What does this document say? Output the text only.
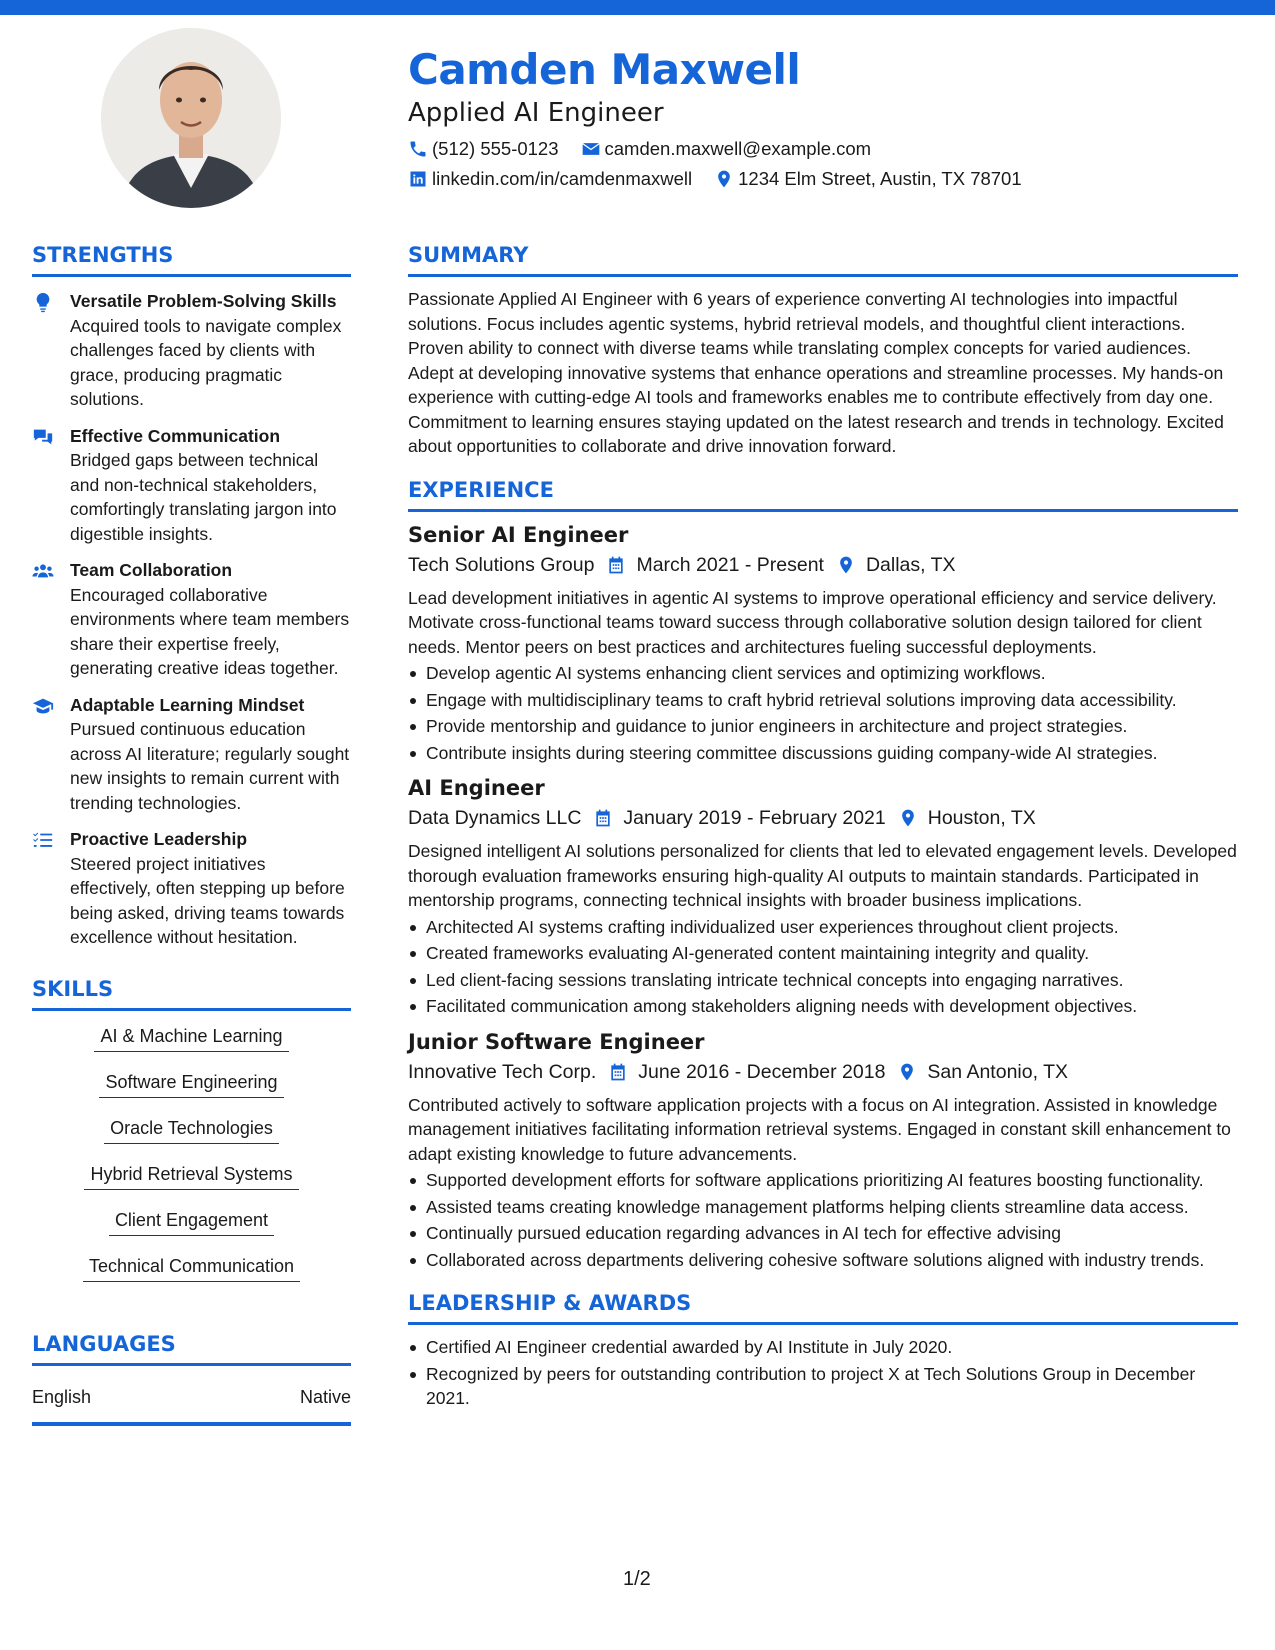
Camden Maxwell
Applied AI Engineer
(512) 555-0123 camden.maxwell@example.com
linkedin.com/in/camdenmaxwell 1234 Elm Street, Austin, TX 78701
STRENGTHS
Versatile Problem-Solving Skills
Acquired tools to navigate complex challenges faced by clients with grace, producing pragmatic solutions.
Effective Communication
Bridged gaps between technical and non-technical stakeholders, comfortingly translating jargon into digestible insights.
Team Collaboration
Encouraged collaborative environments where team members share their expertise freely, generating creative ideas together.
Adaptable Learning Mindset
Pursued continuous education across AI literature; regularly sought new insights to remain current with trending technologies.
Proactive Leadership
Steered project initiatives effectively, often stepping up before being asked, driving teams towards excellence without hesitation.
SKILLS
AI & Machine Learning
Software Engineering
Oracle Technologies
Hybrid Retrieval Systems
Client Engagement
Technical Communication
LANGUAGES
English	Native
SUMMARY
Passionate Applied AI Engineer with 6 years of experience converting AI technologies into impactful solutions. Focus includes agentic systems, hybrid retrieval models, and thoughtful client interactions. Proven ability to connect with diverse teams while translating complex concepts for varied audiences. Adept at developing innovative systems that enhance operations and streamline processes. My hands-on experience with cutting-edge AI tools and frameworks enables me to contribute effectively from day one. Commitment to learning ensures staying updated on the latest research and trends in technology. Excited about opportunities to collaborate and drive innovation forward.
EXPERIENCE
Senior AI Engineer
Tech Solutions Group March 2021 - Present Dallas, TX
Lead development initiatives in agentic AI systems to improve operational efficiency and service delivery. Motivate cross-functional teams toward success through collaborative solution design tailored for client needs. Mentor peers on best practices and architectures fueling successful deployments.
Develop agentic AI systems enhancing client services and optimizing workflows.
Engage with multidisciplinary teams to craft hybrid retrieval solutions improving data accessibility.
Provide mentorship and guidance to junior engineers in architecture and project strategies.
Contribute insights during steering committee discussions guiding company-wide AI strategies.
AI Engineer
Data Dynamics LLC January 2019 - February 2021 Houston, TX
Designed intelligent AI solutions personalized for clients that led to elevated engagement levels. Developed thorough evaluation frameworks ensuring high-quality AI outputs to maintain standards. Participated in mentorship programs, connecting technical insights with broader business implications.
Architected AI systems crafting individualized user experiences throughout client projects.
Created frameworks evaluating AI-generated content maintaining integrity and quality.
Led client-facing sessions translating intricate technical concepts into engaging narratives.
Facilitated communication among stakeholders aligning needs with development objectives.
Junior Software Engineer
Innovative Tech Corp. June 2016 - December 2018 San Antonio, TX
Contributed actively to software application projects with a focus on AI integration. Assisted in knowledge management initiatives facilitating information retrieval systems. Engaged in constant skill enhancement to adapt existing knowledge to future advancements.
Supported development efforts for software applications prioritizing AI features boosting functionality.
Assisted teams creating knowledge management platforms helping clients streamline data access.
Continually pursued education regarding advances in AI tech for effective advising
Collaborated across departments delivering cohesive software solutions aligned with industry trends.
LEADERSHIP & AWARDS
Certified AI Engineer credential awarded by AI Institute in July 2020.
Recognized by peers for outstanding contribution to project X at Tech Solutions Group in December 2021.
1/2
